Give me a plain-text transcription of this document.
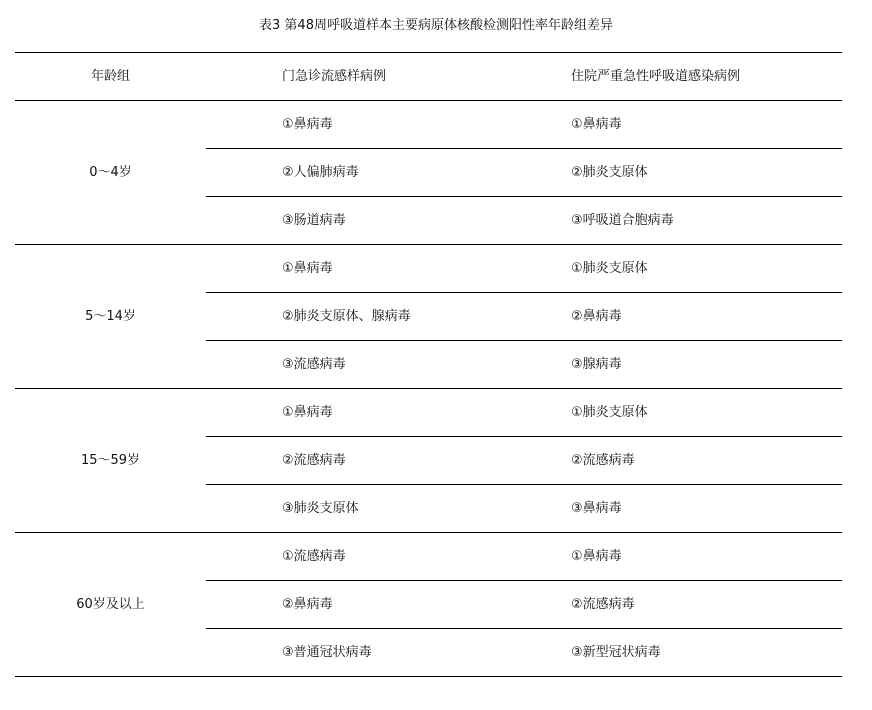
表3 第48周呼吸道样本主要病原体核酸检测阳性率年龄组差异
年龄组	门急诊流感样病例	住院严重急性呼吸道感染病例
0～4岁	①鼻病毒	①鼻病毒
	②人偏肺病毒	②肺炎支原体
	③肠道病毒	③呼吸道合胞病毒
5～14岁	①鼻病毒	①肺炎支原体
	②肺炎支原体、腺病毒	②鼻病毒
	③流感病毒	③腺病毒
15～59岁	①鼻病毒	①肺炎支原体
	②流感病毒	②流感病毒
	③肺炎支原体	③鼻病毒
60岁及以上	①流感病毒	①鼻病毒
	②鼻病毒	②流感病毒
	③普通冠状病毒	③新型冠状病毒
